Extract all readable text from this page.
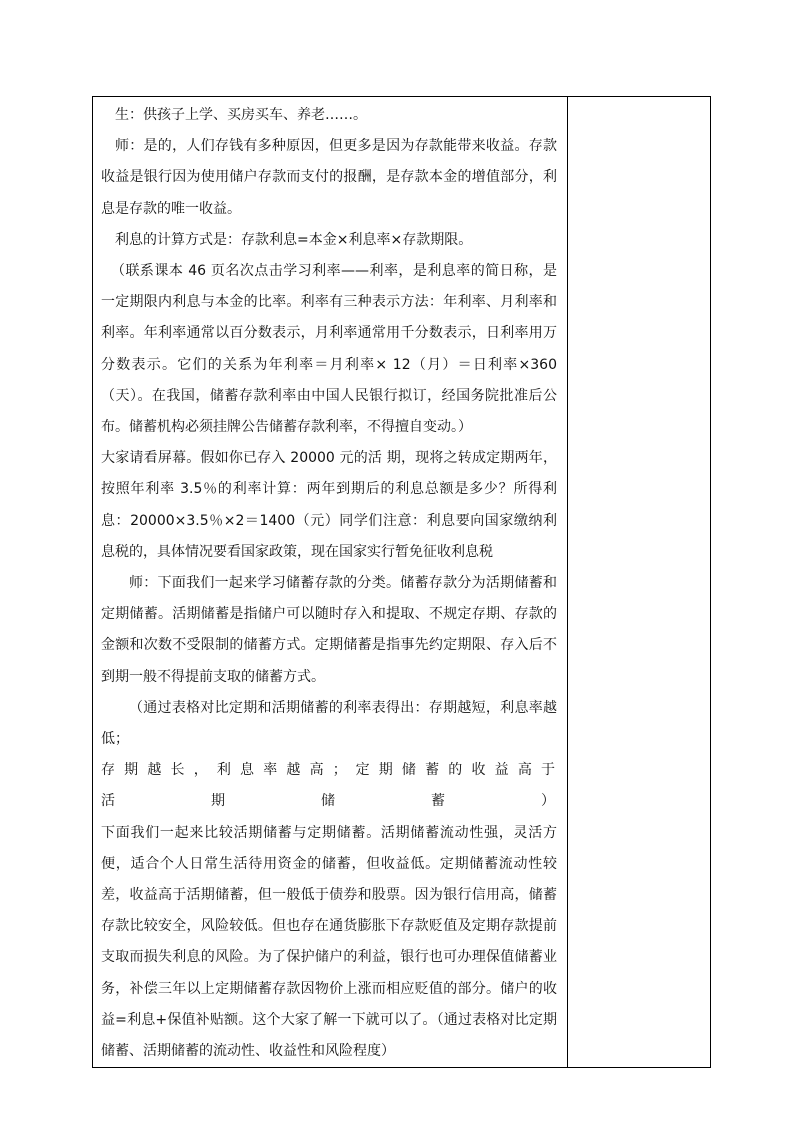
生：供孩子上学、买房买车、养老……。

师：是的，人们存钱有多种原因，但更多是因为存款能带来收益。存款收益是银行因为使用储户存款而支付的报酬，是存款本金的增值部分，利息是存款的唯一收益。

利息的计算方式是：存款利息=本金×利息率×存款期限。

（联系课本 46 页名次点击学习利率——利率，是利息率的简日称，是一定期限内利息与本金的比率。利率有三种表示方法：年利率、月利率和利率。年利率通常以百分数表示，月利率通常用千分数表示，日利率用万分数表示。它们的关系为年利率＝月利率× 12（月）＝日利率×360（天）。在我国，储蓄存款利率由中国人民银行拟订，经国务院批准后公布。储蓄机构必须挂牌公告储蓄存款利率，不得擅自变动。）

大家请看屏幕。假如你已存入 20000 元的活 期，现将之转成定期两年，按照年利率 3.5％的利率计算：两年到期后的利息总额是多少？所得利息：20000×3.5％×2＝1400（元）同学们注意：利息要向国家缴纳利息税的，具体情况要看国家政策，现在国家实行暂免征收利息税

师：下面我们一起来学习储蓄存款的分类。储蓄存款分为活期储蓄和定期储蓄。活期储蓄是指储户可以随时存入和提取、不规定存期、存款的金额和次数不受限制的储蓄方式。定期储蓄是指事先约定期限、存入后不到期一般不得提前支取的储蓄方式。

（通过表格对比定期和活期储蓄的利率表得出：存期越短，利息率越低；

存 期 越 长 ， 利 息 率 越 高 ； 定 期 储 蓄 的 收 益 高 于 活 期 储 蓄 ）

下面我们一起来比较活期储蓄与定期储蓄。活期储蓄流动性强，灵活方便，适合个人日常生活待用资金的储蓄，但收益低。定期储蓄流动性较差，收益高于活期储蓄，但一般低于债券和股票。因为银行信用高，储蓄存款比较安全，风险较低。但也存在通货膨胀下存款贬值及定期存款提前支取而损失利息的风险。为了保护储户的利益，银行也可办理保值储蓄业务，补偿三年以上定期储蓄存款因物价上涨而相应贬值的部分。储户的收益=利息+保值补贴额。这个大家了解一下就可以了。（通过表格对比定期储蓄、活期储蓄的流动性、收益性和风险程度）
